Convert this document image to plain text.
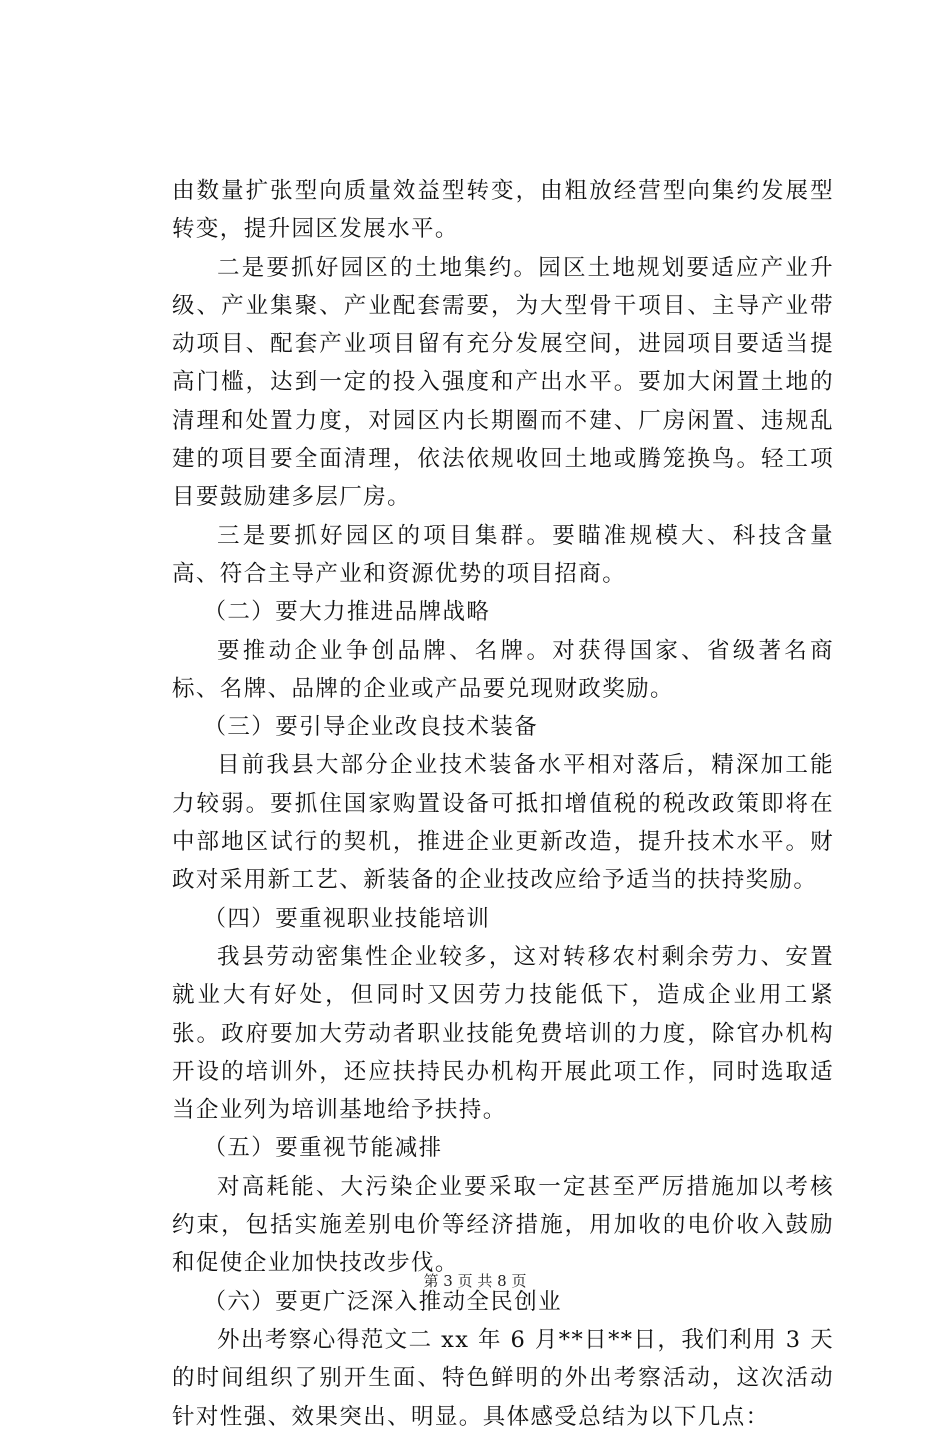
由数量扩张型向质量效益型转变，由粗放经营型向集约发展型转变，提升园区发展水平。

二是要抓好园区的土地集约。园区土地规划要适应产业升级、产业集聚、产业配套需要，为大型骨干项目、主导产业带动项目、配套产业项目留有充分发展空间，进园项目要适当提高门槛，达到一定的投入强度和产出水平。要加大闲置土地的清理和处置力度，对园区内长期圈而不建、厂房闲置、违规乱建的项目要全面清理，依法依规收回土地或腾笼换鸟。轻工项目要鼓励建多层厂房。

三是要抓好园区的项目集群。要瞄准规模大、科技含量高、符合主导产业和资源优势的项目招商。

（二）要大力推进品牌战略

要推动企业争创品牌、名牌。对获得国家、省级著名商标、名牌、品牌的企业或产品要兑现财政奖励。

（三）要引导企业改良技术装备

目前我县大部分企业技术装备水平相对落后，精深加工能力较弱。要抓住国家购置设备可抵扣增值税的税改政策即将在中部地区试行的契机，推进企业更新改造，提升技术水平。财政对采用新工艺、新装备的企业技改应给予适当的扶持奖励。

（四）要重视职业技能培训

我县劳动密集性企业较多，这对转移农村剩余劳力、安置就业大有好处，但同时又因劳力技能低下，造成企业用工紧张。政府要加大劳动者职业技能免费培训的力度，除官办机构开设的培训外，还应扶持民办机构开展此项工作，同时选取适当企业列为培训基地给予扶持。

（五）要重视节能减排

对高耗能、大污染企业要采取一定甚至严厉措施加以考核约束，包括实施差别电价等经济措施，用加收的电价收入鼓励和促使企业加快技改步伐。

（六）要更广泛深入推动全民创业

外出考察心得范文二 xx 年 6 月**日**日，我们利用 3 天的时间组织了别开生面、特色鲜明的外出考察活动，这次活动针对性强、效果突出、明显。具体感受总结为以下几点：

第 3 页 共 8 页
